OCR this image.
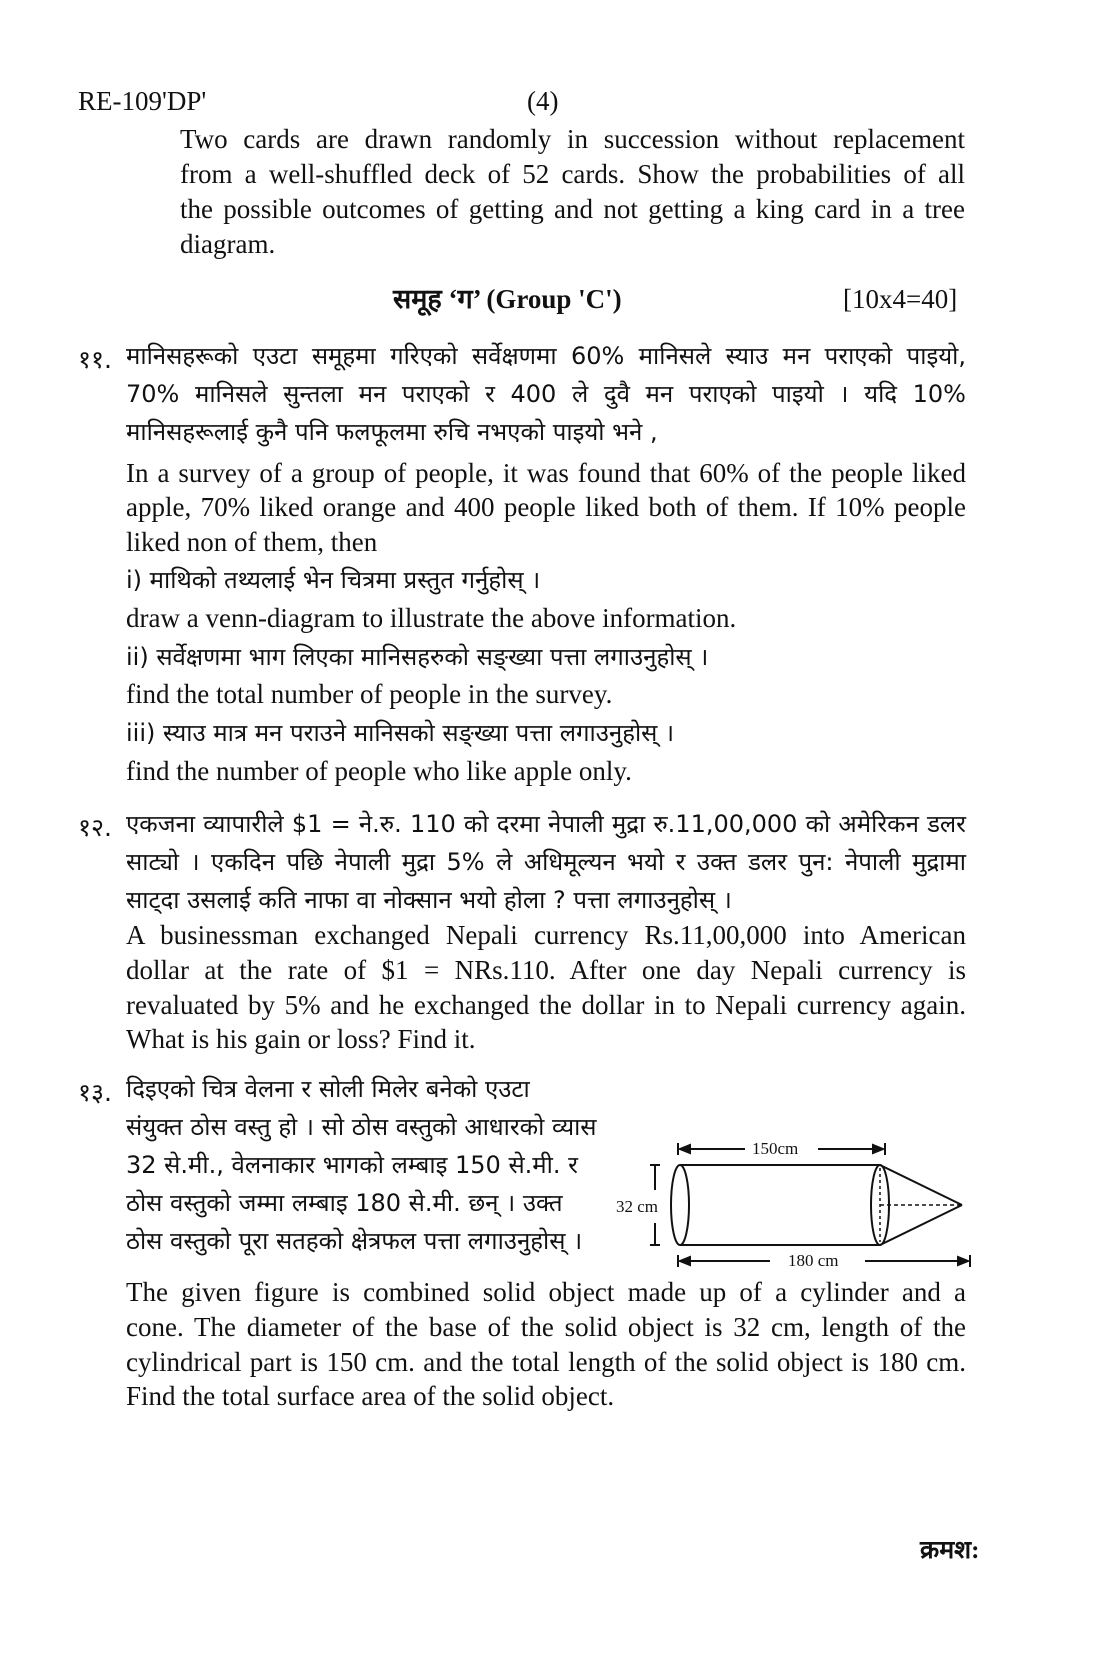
RE-109'DP'	(4)
Two cards are drawn randomly in succession without replacement
from a well-shuffled deck of 52 cards. Show the probabilities of all
the possible outcomes of getting and not getting a king card in a tree
diagram.
समूह ‘ग’ (Group 'C')	[10x4=40]
११. मानिसहरूको एउटा समूहमा गरिएको सर्वेक्षणमा 60% मानिसले स्याउ मन पराएको पाइयो,
70% मानिसले सुन्तला मन पराएको र 400 ले दुवै मन पराएको पाइयो । यदि 10%
मानिसहरूलाई कुनै पनि फलफूलमा रुचि नभएको पाइयो भने ,
In a survey of a group of people, it was found that 60% of the people liked
apple, 70% liked orange and 400 people liked both of them. If 10% people
liked non of them, then
i) माथिको तथ्यलाई भेन चित्रमा प्रस्तुत गर्नुहोस् ।
draw a venn-diagram to illustrate the above information.
ii) सर्वेक्षणमा भाग लिएका मानिसहरुको सङ्ख्या पत्ता लगाउनुहोस् ।
find the total number of people in the survey.
iii) स्याउ मात्र मन पराउने मानिसको सङ्ख्या पत्ता लगाउनुहोस् ।
find the number of people who like apple only.
१२. एकजना व्यापारीले $1 = ने.रु. 110 को दरमा नेपाली मुद्रा रु.11,00,000 को अमेरिकन डलर
साट्यो । एकदिन पछि नेपाली मुद्रा 5% ले अधिमूल्यन भयो र उक्त डलर पुन: नेपाली मुद्रामा
साट्दा उसलाई कति नाफा वा नोक्सान भयो होला ? पत्ता लगाउनुहोस् ।
A businessman exchanged Nepali currency Rs.11,00,000 into American
dollar at the rate of $1 = NRs.110. After one day Nepali currency is
revaluated by 5% and he exchanged the dollar in to Nepali currency again.
What is his gain or loss? Find it.
१३. दिइएको चित्र वेलना र सोली मिलेर बनेको एउटा
संयुक्त ठोस वस्तु हो । सो ठोस वस्तुको आधारको व्यास
32 से.मी., वेलनाकार भागको लम्बाइ 150 से.मी. र
ठोस वस्तुको जम्मा लम्बाइ 180 से.मी. छन् । उक्त
ठोस वस्तुको पूरा सतहको क्षेत्रफल पत्ता लगाउनुहोस् ।
150cm
32 cm
180 cm
The given figure is combined solid object made up of a cylinder and a
cone. The diameter of the base of the solid object is 32 cm, length of the
cylindrical part is 150 cm. and the total length of the solid object is 180 cm.
Find the total surface area of the solid object.
क्रमश:
